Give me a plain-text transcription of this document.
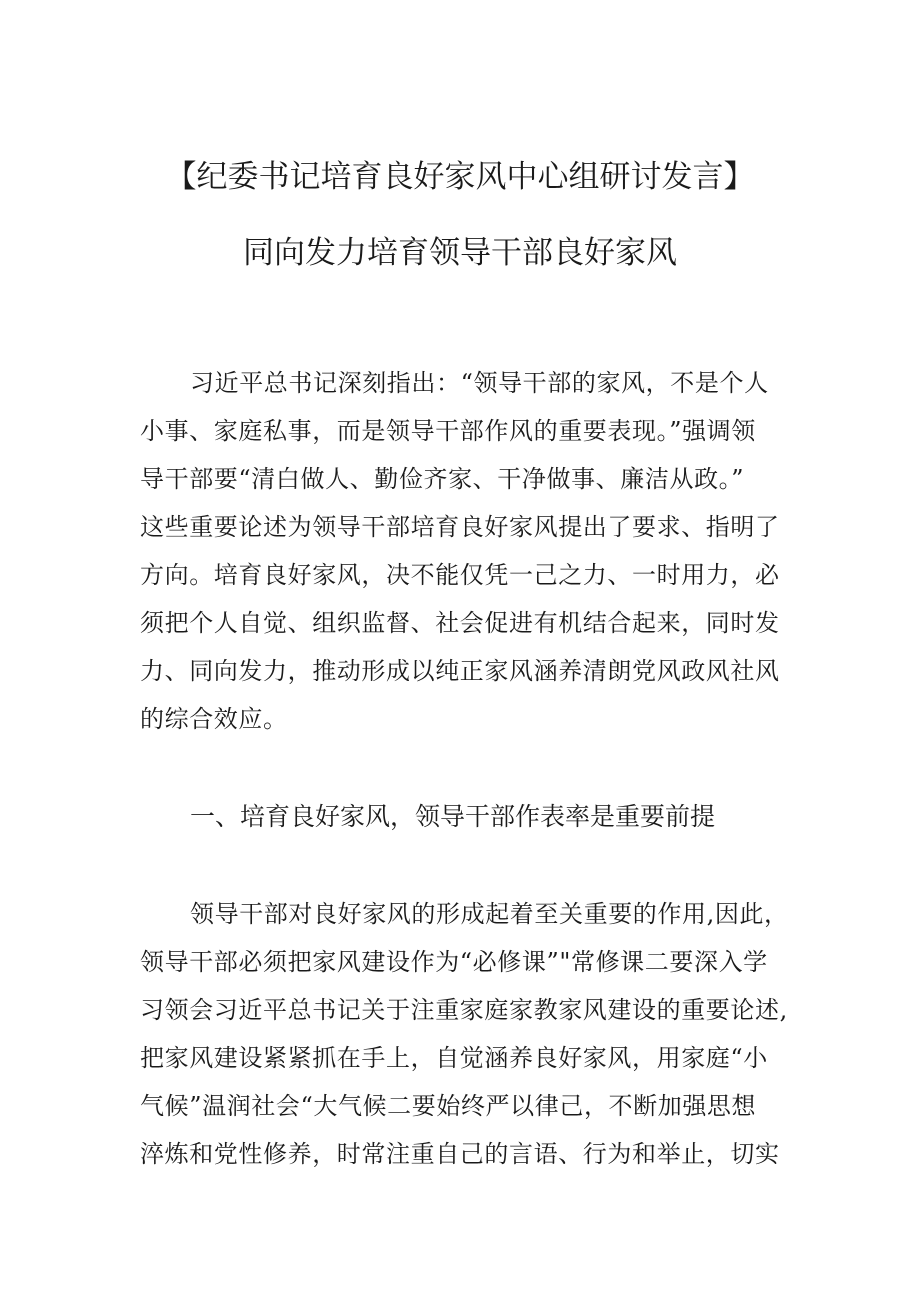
【纪委书记培育良好家风中心组研讨发言】
同向发力培育领导干部良好家风
习近平总书记深刻指出：“领导干部的家风，不是个人
小事、家庭私事，而是领导干部作风的重要表现。”强调领
导干部要“清白做人、勤俭齐家、干净做事、廉洁从政。”
这些重要论述为领导干部培育良好家风提出了要求、指明了
方向。培育良好家风，决不能仅凭一己之力、一时用力，必
须把个人自觉、组织监督、社会促进有机结合起来，同时发
力、同向发力，推动形成以纯正家风涵养清朗党风政风社风
的综合效应。
一、培育良好家风，领导干部作表率是重要前提
领导干部对良好家风的形成起着至关重要的作用,因此，
领导干部必须把家风建设作为“必修课”"常修课二要深入学
习领会习近平总书记关于注重家庭家教家风建设的重要论述,
把家风建设紧紧抓在手上，自觉涵养良好家风，用家庭“小
气候”温润社会“大气候二要始终严以律己，不断加强思想
淬炼和党性修养，时常注重自己的言语、行为和举止，切实
